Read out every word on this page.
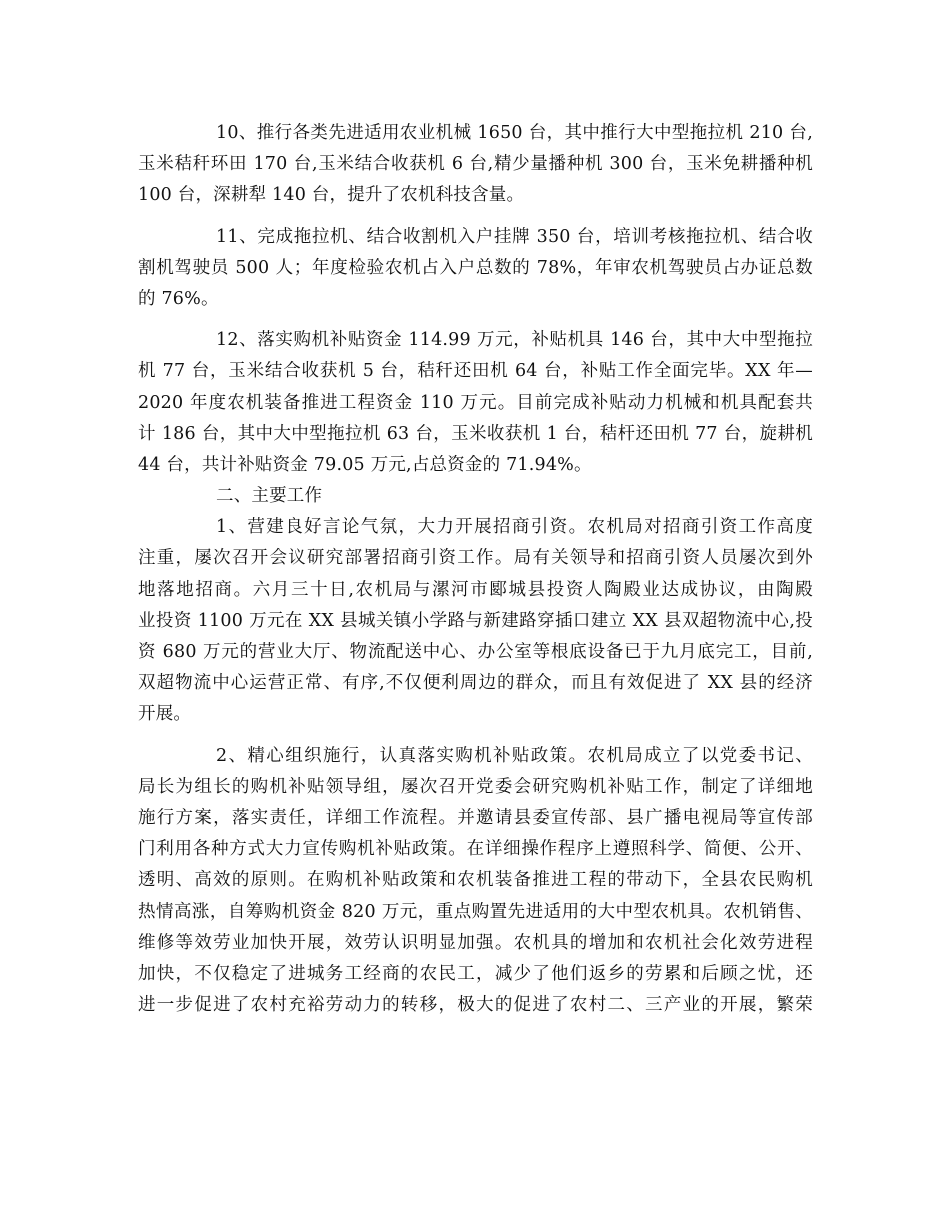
10、推行各类先进适用农业机械 1650 台，其中推行大中型拖拉机 210 台,
玉米秸秆环田 170 台,玉米结合收获机 6 台,精少量播种机 300 台，玉米免耕播种机
100 台，深耕犁 140 台，提升了农机科技含量。
11、完成拖拉机、结合收割机入户挂牌 350 台，培训考核拖拉机、结合收
割机驾驶员 500 人；年度检验农机占入户总数的 78%，年审农机驾驶员占办证总数
的 76%。
12、落实购机补贴资金 114.99 万元，补贴机具 146 台，其中大中型拖拉
机 77 台，玉米结合收获机 5 台，秸秆还田机 64 台，补贴工作全面完毕。XX 年—
2020 年度农机装备推进工程资金 110 万元。目前完成补贴动力机械和机具配套共
计 186 台，其中大中型拖拉机 63 台，玉米收获机 1 台，秸杆还田机 77 台，旋耕机
44 台，共计补贴资金 79.05 万元,占总资金的 71.94%。
二、主要工作
1、营建良好言论气氛，大力开展招商引资。农机局对招商引资工作高度
注重，屡次召开会议研究部署招商引资工作。局有关领导和招商引资人员屡次到外
地落地招商。六月三十日,农机局与漯河市郾城县投资人陶殿业达成协议，由陶殿
业投资 1100 万元在 XX 县城关镇小学路与新建路穿插口建立 XX 县双超物流中心,投
资 680 万元的营业大厅、物流配送中心、办公室等根底设备已于九月底完工，目前,
双超物流中心运营正常、有序,不仅便利周边的群众，而且有效促进了 XX 县的经济
开展。
2、精心组织施行，认真落实购机补贴政策。农机局成立了以党委书记、
局长为组长的购机补贴领导组，屡次召开党委会研究购机补贴工作，制定了详细地
施行方案，落实责任，详细工作流程。并邀请县委宣传部、县广播电视局等宣传部
门利用各种方式大力宣传购机补贴政策。在详细操作程序上遵照科学、简便、公开、
透明、高效的原则。在购机补贴政策和农机装备推进工程的带动下，全县农民购机
热情高涨，自筹购机资金 820 万元，重点购置先进适用的大中型农机具。农机销售、
维修等效劳业加快开展，效劳认识明显加强。农机具的增加和农机社会化效劳进程
加快，不仅稳定了进城务工经商的农民工，减少了他们返乡的劳累和后顾之忧，还
进一步促进了农村充裕劳动力的转移，极大的促进了农村二、三产业的开展，繁荣
